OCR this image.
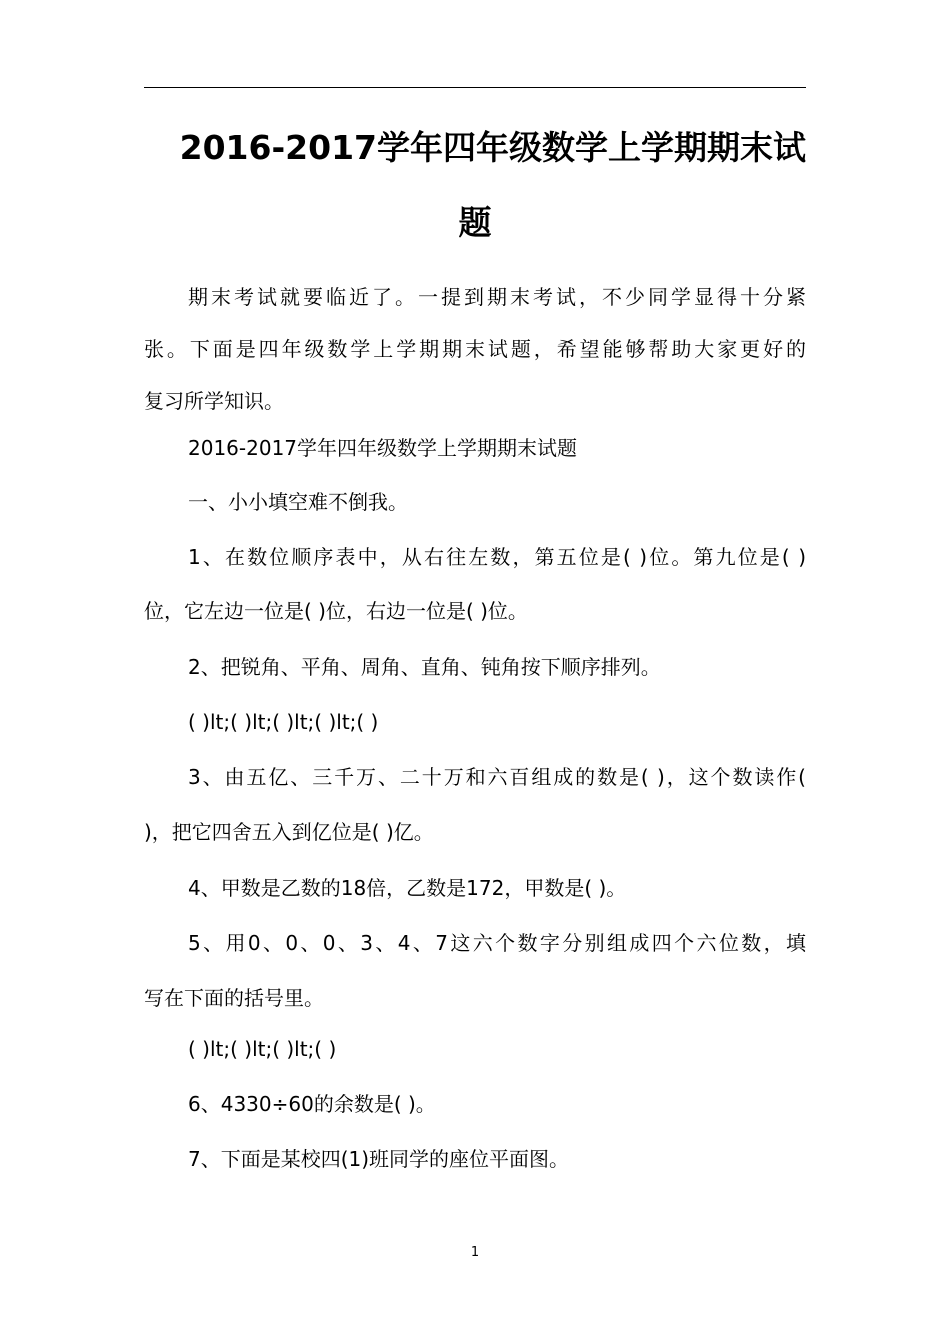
2016-2017学年四年级数学上学期期末试
题

期末考试就要临近了。一提到期末考试，不少同学显得十分紧

张。下面是四年级数学上学期期末试题，希望能够帮助大家更好的

复习所学知识。

2016-2017学年四年级数学上学期期末试题

一、小小填空难不倒我。

1、在数位顺序表中，从右往左数，第五位是( )位。第九位是( )

位，它左边一位是( )位，右边一位是( )位。

2、把锐角、平角、周角、直角、钝角按下顺序排列。

( )lt;( )lt;( )lt;( )lt;( )

3、由五亿、三千万、二十万和六百组成的数是( )，这个数读作(

)，把它四舍五入到亿位是( )亿。

4、甲数是乙数的18倍，乙数是172，甲数是( )。

5、用0、0、0、3、4、7这六个数字分别组成四个六位数，填

写在下面的括号里。

( )lt;( )lt;( )lt;( )

6、4330÷60的余数是( )。

7、下面是某校四(1)班同学的座位平面图。

1
